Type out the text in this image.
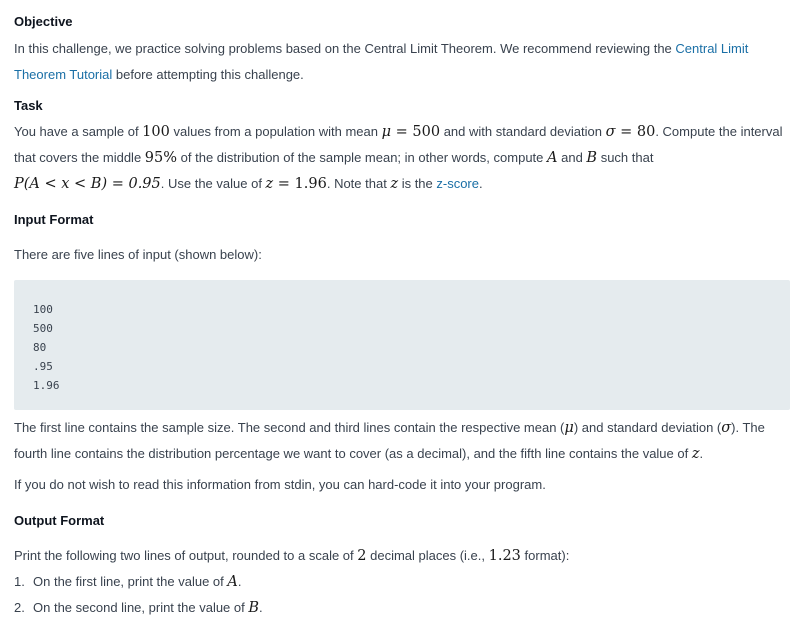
Objective
In this challenge, we practice solving problems based on the Central Limit Theorem. We recommend reviewing the Central Limit
Theorem Tutorial before attempting this challenge.
Task
You have a sample of 100 values from a population with mean μ = 500 and with standard deviation σ = 80. Compute the interval
that covers the middle 95% of the distribution of the sample mean; in other words, compute A and B such that
P(A < x < B) = 0.95. Use the value of z = 1.96. Note that z is the z-score.
Input Format
There are five lines of input (shown below):
100
500
80
.95
1.96
The first line contains the sample size. The second and third lines contain the respective mean (μ) and standard deviation (σ). The
fourth line contains the distribution percentage we want to cover (as a decimal), and the fifth line contains the value of z.
If you do not wish to read this information from stdin, you can hard-code it into your program.
Output Format
Print the following two lines of output, rounded to a scale of 2 decimal places (i.e., 1.23 format):
1. On the first line, print the value of A.
2. On the second line, print the value of B.
